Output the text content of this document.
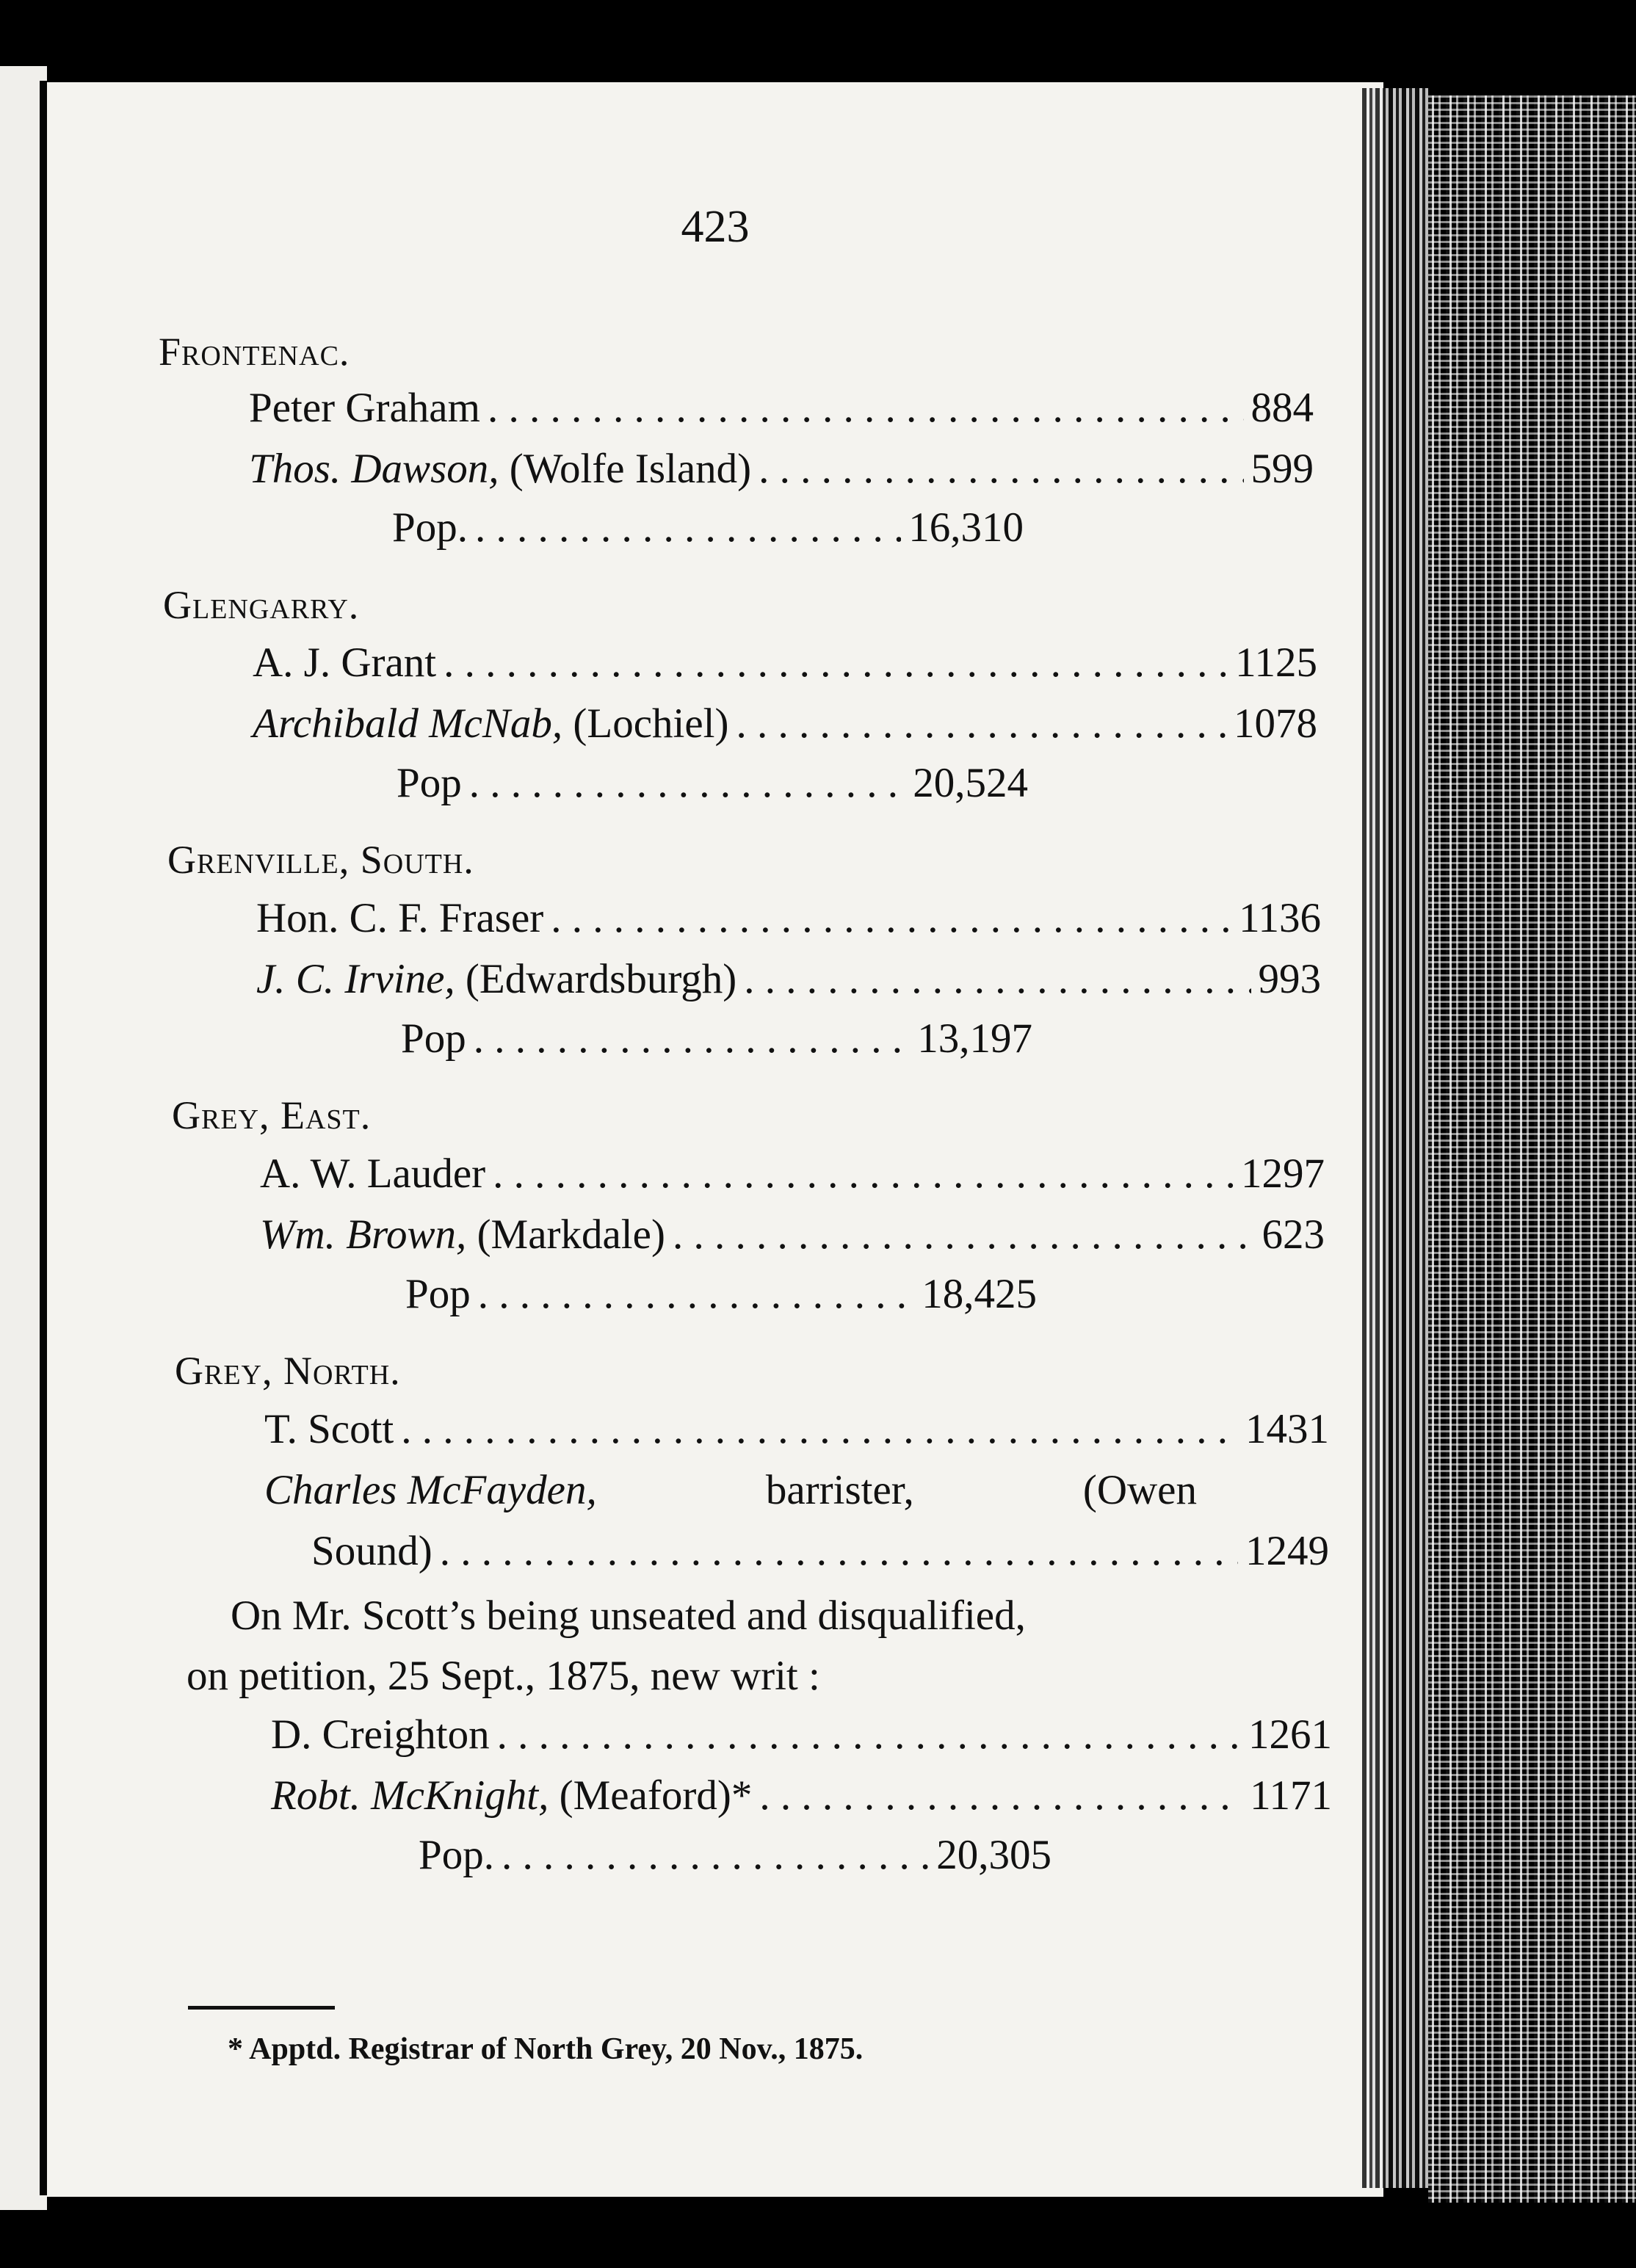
423
Frontenac.
Peter Graham . . .	884
Thos. Dawson, (Wolfe Island) . . .	599
Pop. . . .	16,310
Glengarry.
A. J. Grant . . .	1125
Archibald McNab, (Lochiel) . . .	1078
Pop . . .	20,524
Grenville, South.
Hon. C. F. Fraser . . .	1136
J. C. Irvine, (Edwardsburgh) . . .	993
Pop . . .	13,197
Grey, East.
A. W. Lauder . . .	1297
Wm. Brown, (Markdale) . . .	623
Pop . . .	18,425
Grey, North.
T. Scott . . .	1431
Charles McFayden,	barrister,	(Owen
Sound) . . .	1249
On Mr. Scott’s being unseated and disqualified,
on petition, 25 Sept., 1875, new writ :
D. Creighton . . .	1261
Robt. McKnight, (Meaford)* . . .	1171
Pop. . . .	20,305
* Apptd. Registrar of North Grey, 20 Nov., 1875.
